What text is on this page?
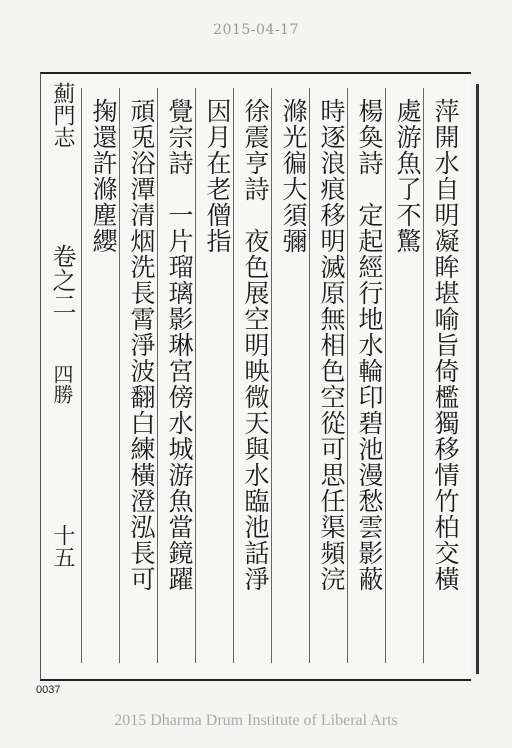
2015-04-17
薊門志
卷之二
四勝
十五	萍開水自明凝眸堪喻旨倚檻獨移情竹柏交橫
處游魚了不驚
楊奐詩　定起經行地水輪印碧池漫愁雲影蔽
時逐浪痕移明滅原無相色空從可思任渠頻浣
滌光徧大須彌
徐震亨詩　夜色展空明映微天與水臨池話淨
因月在老僧指
覺宗詩　一片瑠璃影琳宮傍水城游魚當鏡躍
頑兎浴潭清烟洗長霄淨波翻白練橫澄泓長可
掬還許滌塵纓
0037
2015 Dharma Drum Institute of Liberal Arts
